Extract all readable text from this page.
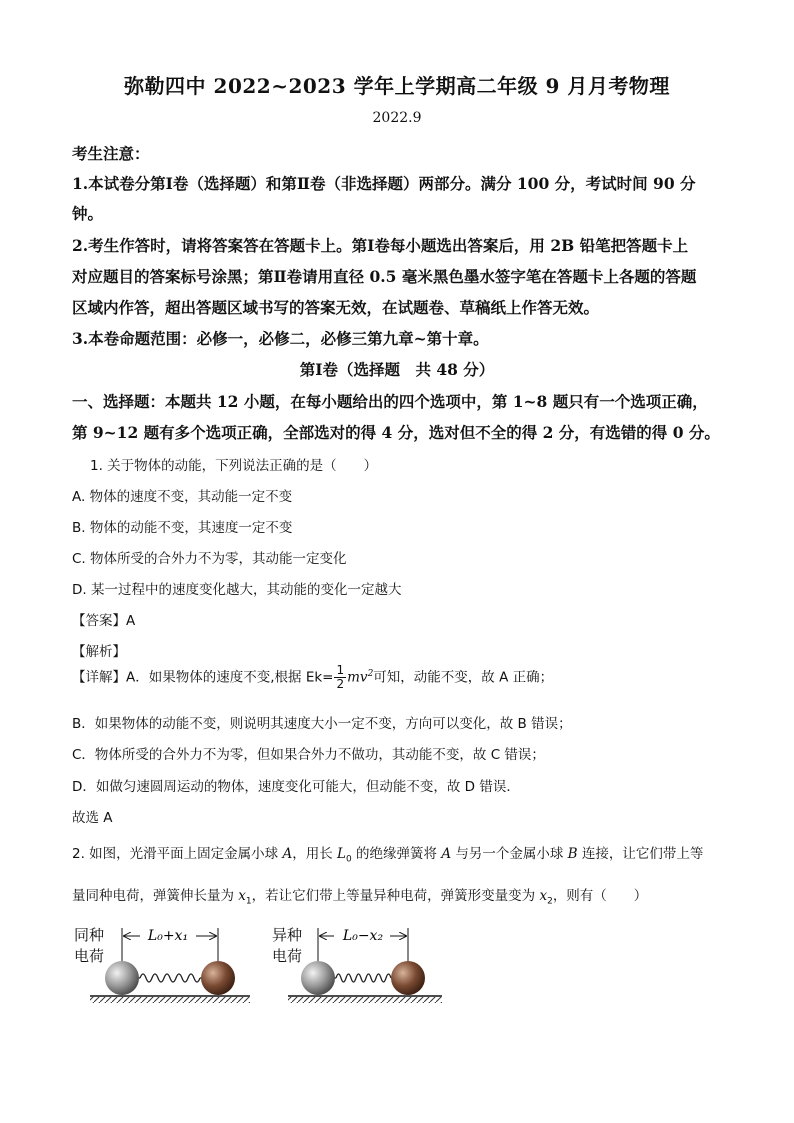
弥勒四中 2022~2023 学年上学期高二年级 9 月月考物理
2022.9
考生注意：
1.本试卷分第Ⅰ卷（选择题）和第Ⅱ卷（非选择题）两部分。满分 100 分，考试时间 90 分
钟。
2.考生作答时，请将答案答在答题卡上。第Ⅰ卷每小题选出答案后，用 2B 铅笔把答题卡上
对应题目的答案标号涂黑；第Ⅱ卷请用直径 0.5 毫米黑色墨水签字笔在答题卡上各题的答题
区域内作答，超出答题区域书写的答案无效，在试题卷、草稿纸上作答无效。
3.本卷命题范围：必修一，必修二，必修三第九章~第十章。
第Ⅰ卷（选择题　共 48 分）
一、选择题：本题共 12 小题，在每小题给出的四个选项中，第 1~8 题只有一个选项正确，
第 9~12 题有多个选项正确，全部选对的得 4 分，选对但不全的得 2 分，有选错的得 0 分。
1. 关于物体的动能，下列说法正确的是（　　）
A. 物体的速度不变，其动能一定不变
B. 物体的动能不变，其速度一定不变
C. 物体所受的合外力不为零，其动能一定变化
D. 某一过程中的速度变化越大，其动能的变化一定越大
【答案】A
【解析】
【详解】A．如果物体的速度不变,根据 $Ek= \frac{1}{2} mv^2$可知，动能不变，故 A 正确；
B．如果物体的动能不变，则说明其速度大小一定不变，方向可以变化，故 B 错误；
C．物体所受的合外力不为零，但如果合外力不做功，其动能不变，故 C 错误；
D．如做匀速圆周运动的物体，速度变化可能大，但动能不变，故 D 错误．
故选 A
2. 如图，光滑平面上固定金属小球 A，用长 $L_0$ 的绝缘弹簧将 A 与另一个金属小球 B 连接，让它们带上等
量同种电荷，弹簧伸长量为 $x_1$，若让它们带上等量异种电荷，弹簧形变量变为 $x_2$，则有（　　）
同种
电荷
异种
电荷
L₀+x₁	L₀−x₂
